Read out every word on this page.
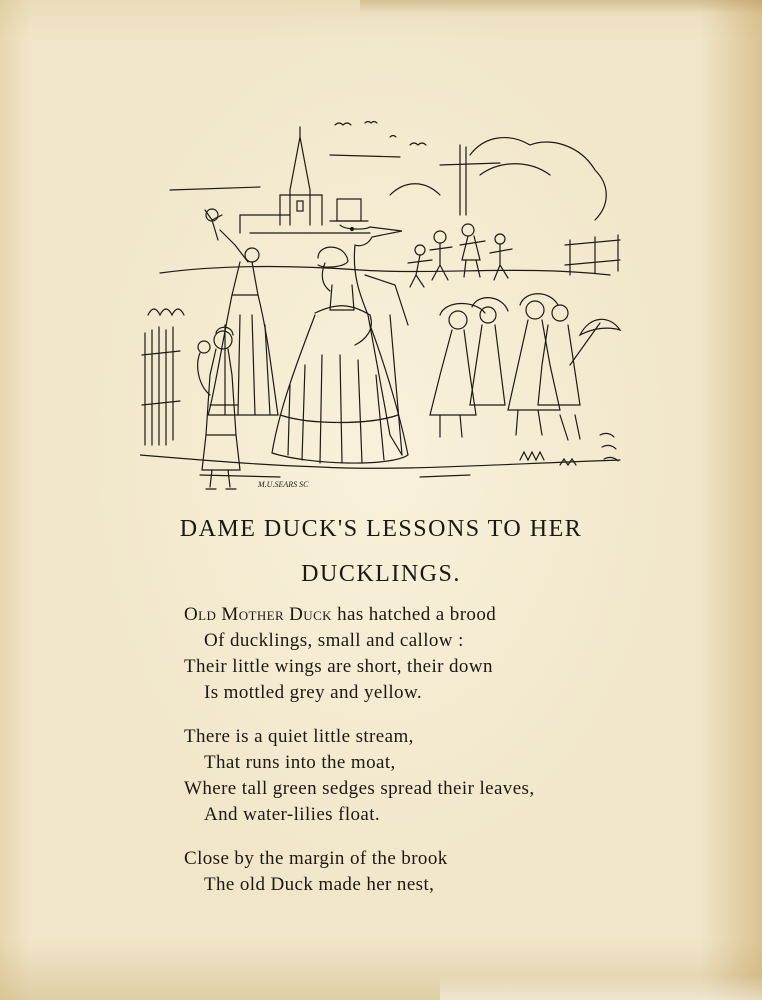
M.U.SEARS SC
DAME DUCK'S LESSONS TO HER
DUCKLINGS.
Old Mother Duck has hatched a brood
Of ducklings, small and callow :
Their little wings are short, their down
Is mottled grey and yellow.
There is a quiet little stream,
That runs into the moat,
Where tall green sedges spread their leaves,
And water-lilies float.
Close by the margin of the brook
The old Duck made her nest,
